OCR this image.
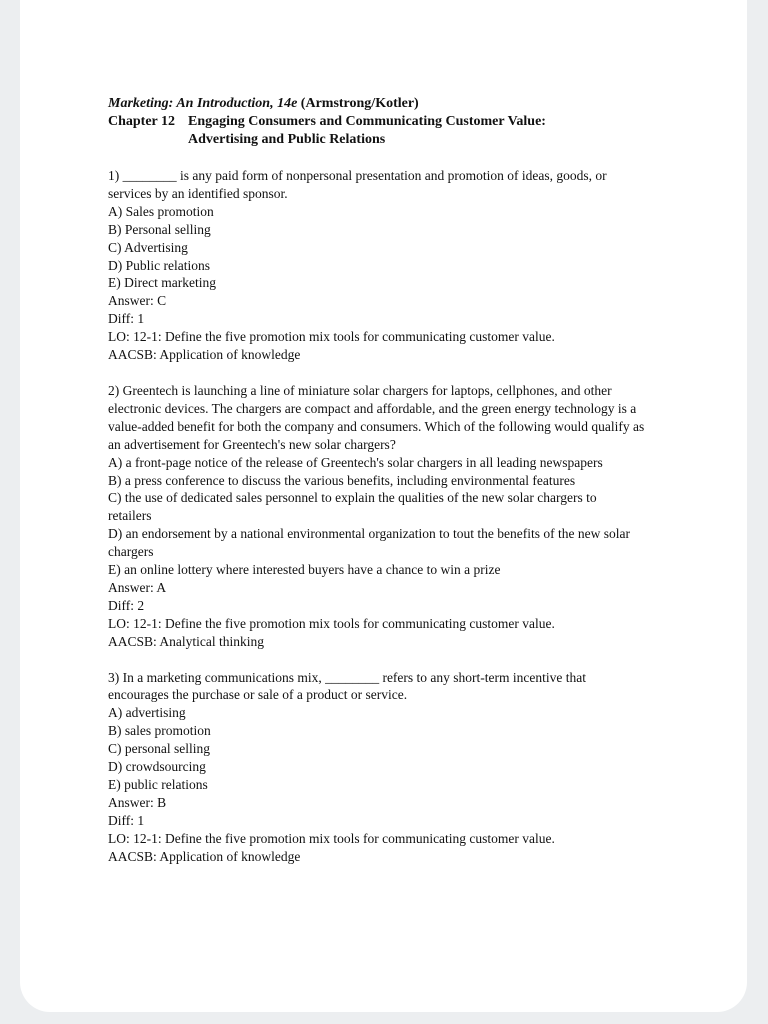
Marketing: An Introduction, 14e (Armstrong/Kotler)
Chapter 12 Engaging Consumers and Communicating Customer Value:
Advertising and Public Relations

1) ________ is any paid form of nonpersonal presentation and promotion of ideas, goods, or services by an identified sponsor.

A) Sales promotion
B) Personal selling
C) Advertising
D) Public relations
E) Direct marketing
Answer: C
Diff: 1
LO: 12-1: Define the five promotion mix tools for communicating customer value.
AACSB: Application of knowledge

2) Greentech is launching a line of miniature solar chargers for laptops, cellphones, and other electronic devices. The chargers are compact and affordable, and the green energy technology is a value-added benefit for both the company and consumers. Which of the following would qualify as an advertisement for Greentech's new solar chargers?

A) a front-page notice of the release of Greentech's solar chargers in all leading newspapers
B) a press conference to discuss the various benefits, including environmental features
C) the use of dedicated sales personnel to explain the qualities of the new solar chargers to retailers
D) an endorsement by a national environmental organization to tout the benefits of the new solar chargers
E) an online lottery where interested buyers have a chance to win a prize
Answer: A
Diff: 2
LO: 12-1: Define the five promotion mix tools for communicating customer value.
AACSB: Analytical thinking

3) In a marketing communications mix, ________ refers to any short-term incentive that encourages the purchase or sale of a product or service.

A) advertising
B) sales promotion
C) personal selling
D) crowdsourcing
E) public relations
Answer: B
Diff: 1
LO: 12-1: Define the five promotion mix tools for communicating customer value.
AACSB: Application of knowledge
